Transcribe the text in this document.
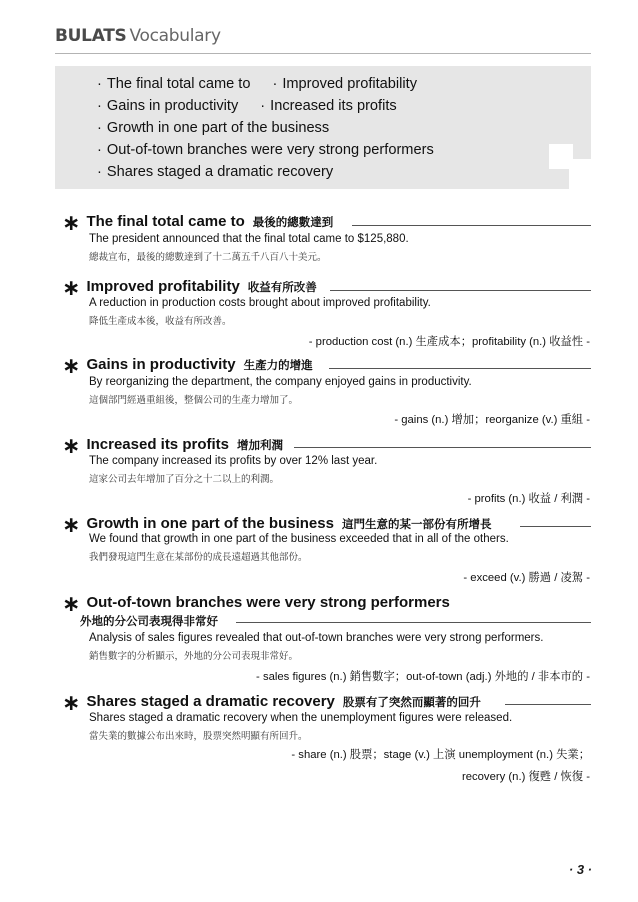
BULATS Vocabulary
· The final total came to · Improved profitability
· Gains in productivity · Increased its profits
· Growth in one part of the business
· Out-of-town branches were very strong performers
· Shares staged a dramatic recovery
∗ The final total came to 最後的總數達到
The president announced that the final total came to $125,880.
總裁宣布，最後的總數達到了十二萬五千八百八十美元。
∗ Improved profitability 收益有所改善
A reduction in production costs brought about improved profitability.
降低生產成本後，收益有所改善。
- production cost (n.) 生產成本；profitability (n.) 收益性 -
∗ Gains in productivity 生產力的增進
By reorganizing the department, the company enjoyed gains in productivity.
這個部門經過重組後，整個公司的生產力增加了。
- gains (n.) 增加；reorganize (v.) 重組 -
∗ Increased its profits 增加利潤
The company increased its profits by over 12% last year.
這家公司去年增加了百分之十二以上的利潤。
- profits (n.) 收益 / 利潤 -
∗ Growth in one part of the business 這門生意的某一部份有所增長
We found that growth in one part of the business exceeded that in all of the others.
我們發現這門生意在某部份的成長遠超過其他部份。
- exceed (v.) 勝過 / 凌駕 -
∗ Out-of-town branches were very strong performers
外地的分公司表現得非常好
Analysis of sales figures revealed that out-of-town branches were very strong performers.
銷售數字的分析顯示，外地的分公司表現非常好。
- sales figures (n.) 銷售數字；out-of-town (adj.) 外地的 / 非本市的 -
∗ Shares staged a dramatic recovery 股票有了突然而顯著的回升
Shares staged a dramatic recovery when the unemployment figures were released.
當失業的數據公布出來時，股票突然明顯有所回升。
- share (n.) 股票；stage (v.) 上演 unemployment (n.) 失業；
recovery (n.) 復甦 / 恢復 -
· 3 ·
